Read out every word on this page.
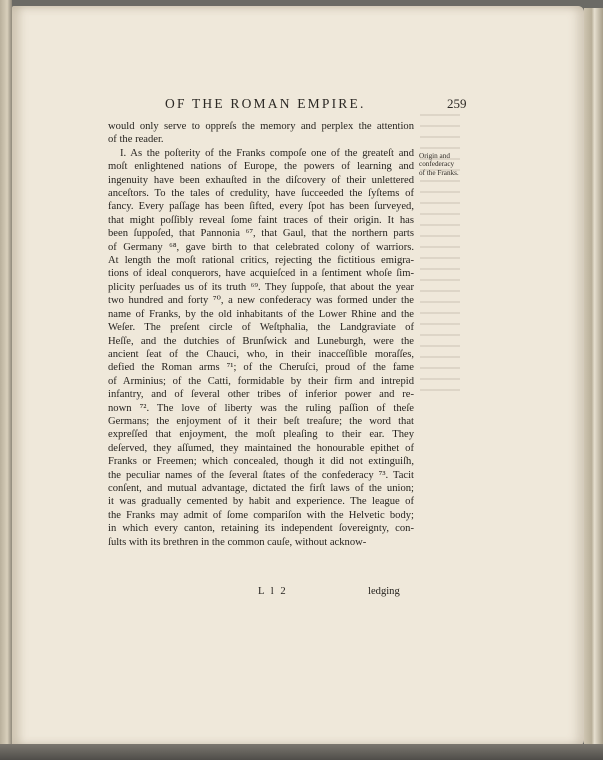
OF THE ROMAN EMPIRE.	259
would only serve to oppreſs the memory and perplex the attention
of the reader.
I. As the poſterity of the Franks compoſe one of the greateſt and
moſt enlightened nations of Europe, the powers of learning and
ingenuity have been exhauſted in the diſcovery of their unlettered
anceſtors. To the tales of credulity, have ſucceeded the ſyſtems of
fancy. Every paſſage has been ſifted, every ſpot has been ſurveyed,
that might poſſibly reveal ſome faint traces of their origin. It has
been ſuppoſed, that Pannonia ⁶⁷, that Gaul, that the northern parts
of Germany ⁶⁸, gave birth to that celebrated colony of warriors.
At length the moſt rational critics, rejecting the fictitious emigra-
tions of ideal conquerors, have acquieſced in a ſentiment whoſe ſim-
plicity perſuades us of its truth ⁶⁹. They ſuppoſe, that about the year
two hundred and forty ⁷⁰, a new confederacy was formed under the
name of Franks, by the old inhabitants of the Lower Rhine and the
Weſer. The preſent circle of Weſtphalia, the Landgraviate of
Heſſe, and the dutchies of Brunſwick and Luneburgh, were the
ancient ſeat of the Chauci, who, in their inacceſſible moraſſes,
defied the Roman arms ⁷¹; of the Cheruſci, proud of the fame
of Arminius; of the Catti, formidable by their firm and intrepid
infantry, and of ſeveral other tribes of inferior power and re-
nown ⁷². The love of liberty was the ruling paſſion of theſe
Germans; the enjoyment of it their beſt treaſure; the word that
expreſſed that enjoyment, the moſt pleaſing to their ear. They
deſerved, they aſſumed, they maintained the honourable epithet of
Franks or Freemen; which concealed, though it did not extinguiſh,
the peculiar names of the ſeveral ſtates of the confederacy ⁷³. Tacit
conſent, and mutual advantage, dictated the firſt laws of the union;
it was gradually cemented by habit and experience. The league of
the Franks may admit of ſome compariſon with the Helvetic body;
in which every canton, retaining its independent ſovereignty, con-
ſults with its brethren in the common cauſe, without acknow-
Origin and
confederacy
of the Franks.
L l 2	ledging
